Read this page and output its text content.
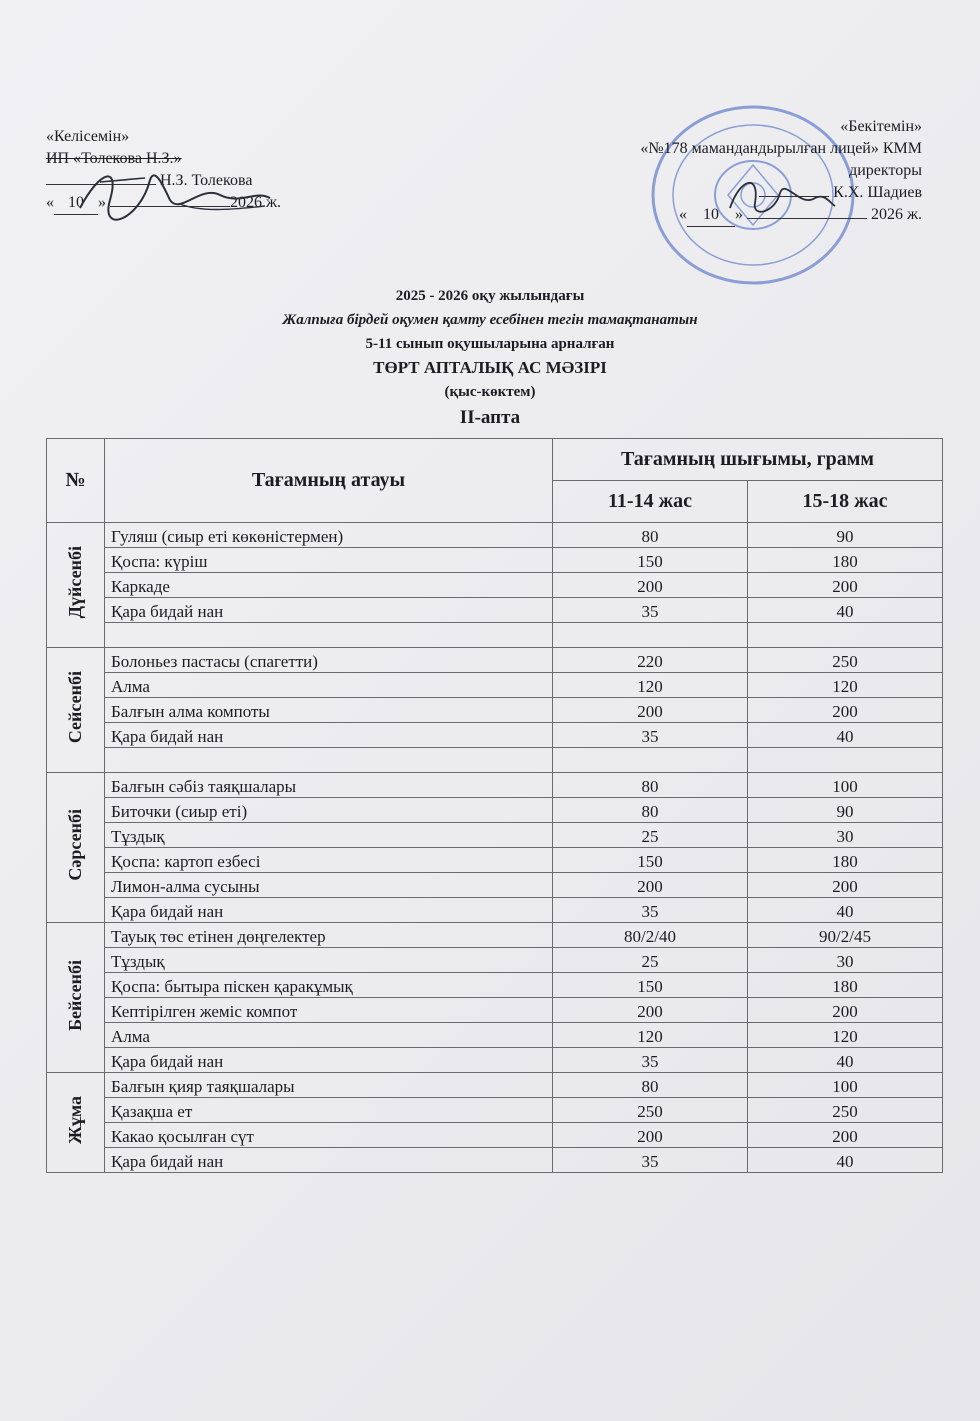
«Келісемін»
ИП «Толекова Н.З.»
Н.З. Толекова
« 10 »	2026 ж.
«Бекітемін»
«№178 мамандандырылған лицей» КММ
директоры
К.Х. Шадиев
« 10 »	2026 ж.
2025 - 2026 оқу жылындағы
Жалпыға бірдей оқумен қамту есебінен тегін тамақтанатын
5-11 сынып оқушыларына арналған
ТӨРТ АПТАЛЫҚ АС МӘЗІРІ
(қыс-көктем)
II-апта
№	Тағамның атауы	Тағамның шығымы, грамм	
		11-14 жас	15-18 жас
Дүйсенбі	Гуляш (сиыр еті көкөністермен)	80	90
	Қоспа: күріш	150	180
	Каркаде	200	200
	Қара бидай нан	35	40

Сейсенбі	Болоньез пастасы (спагетти)	220	250
	Алма	120	120
	Балғын алма компоты	200	200
	Қара бидай нан	35	40

Сәрсенбі	Балғын сәбіз таяқшалары	80	100
	Биточки (сиыр еті)	80	90
	Тұздық	25	30
	Қоспа: картоп езбесі	150	180
	Лимон-алма сусыны	200	200
	Қара бидай нан	35	40
Бейсенбі	Тауық төс етінен дөңгелектер	80/2/40	90/2/45
	Тұздық	25	30
	Қоспа: бытыра піскен қаракұмық	150	180
	Кептірілген жеміс компот	200	200
	Алма	120	120
	Қара бидай нан	35	40
Жұма	Балғын қияр таяқшалары	80	100
	Қазақша ет	250	250
	Какао қосылған сүт	200	200
	Қара бидай нан	35	40
